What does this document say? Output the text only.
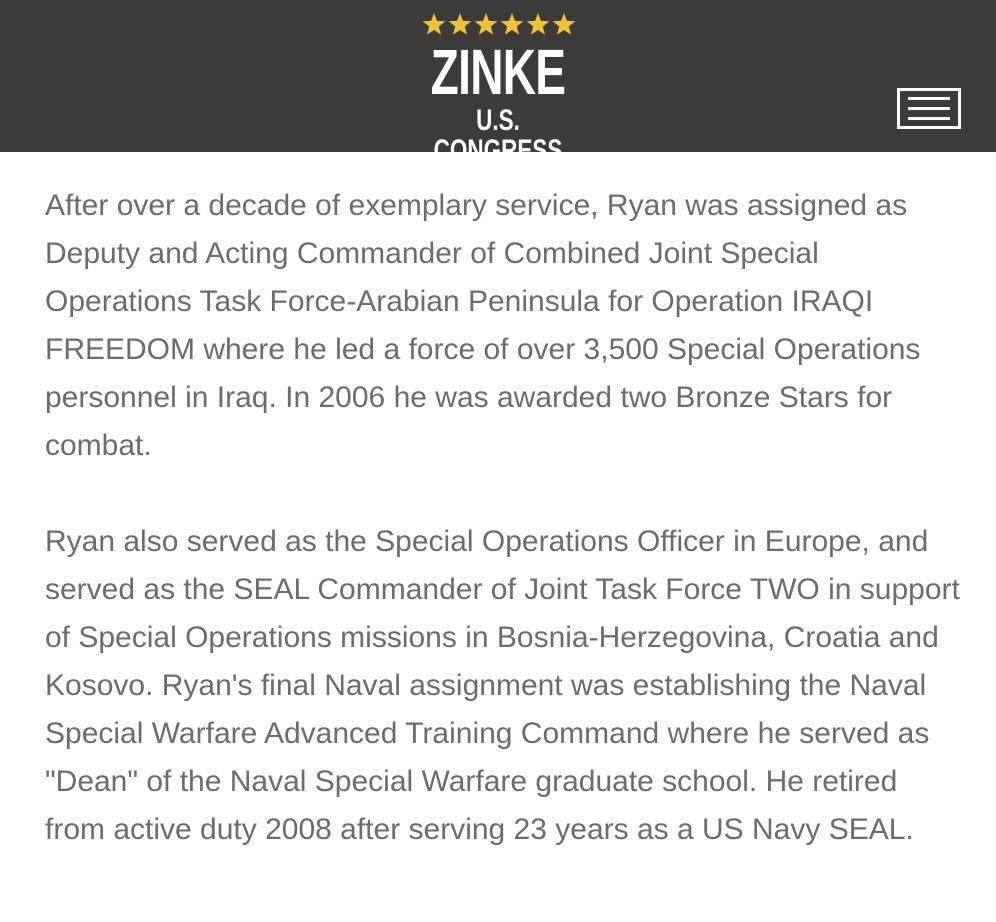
ZINKE
U.S. CONGRESS

After over a decade of exemplary service, Ryan was assigned as Deputy and Acting Commander of Combined Joint Special Operations Task Force-Arabian Peninsula for Operation IRAQI FREEDOM where he led a force of over 3,500 Special Operations personnel in Iraq. In 2006 he was awarded two Bronze Stars for combat.

Ryan also served as the Special Operations Officer in Europe, and served as the SEAL Commander of Joint Task Force TWO in support of Special Operations missions in Bosnia-Herzegovina, Croatia and Kosovo. Ryan's final Naval assignment was establishing the Naval Special Warfare Advanced Training Command where he served as "Dean" of the Naval Special Warfare graduate school. He retired from active duty 2008 after serving 23 years as a US Navy SEAL.
